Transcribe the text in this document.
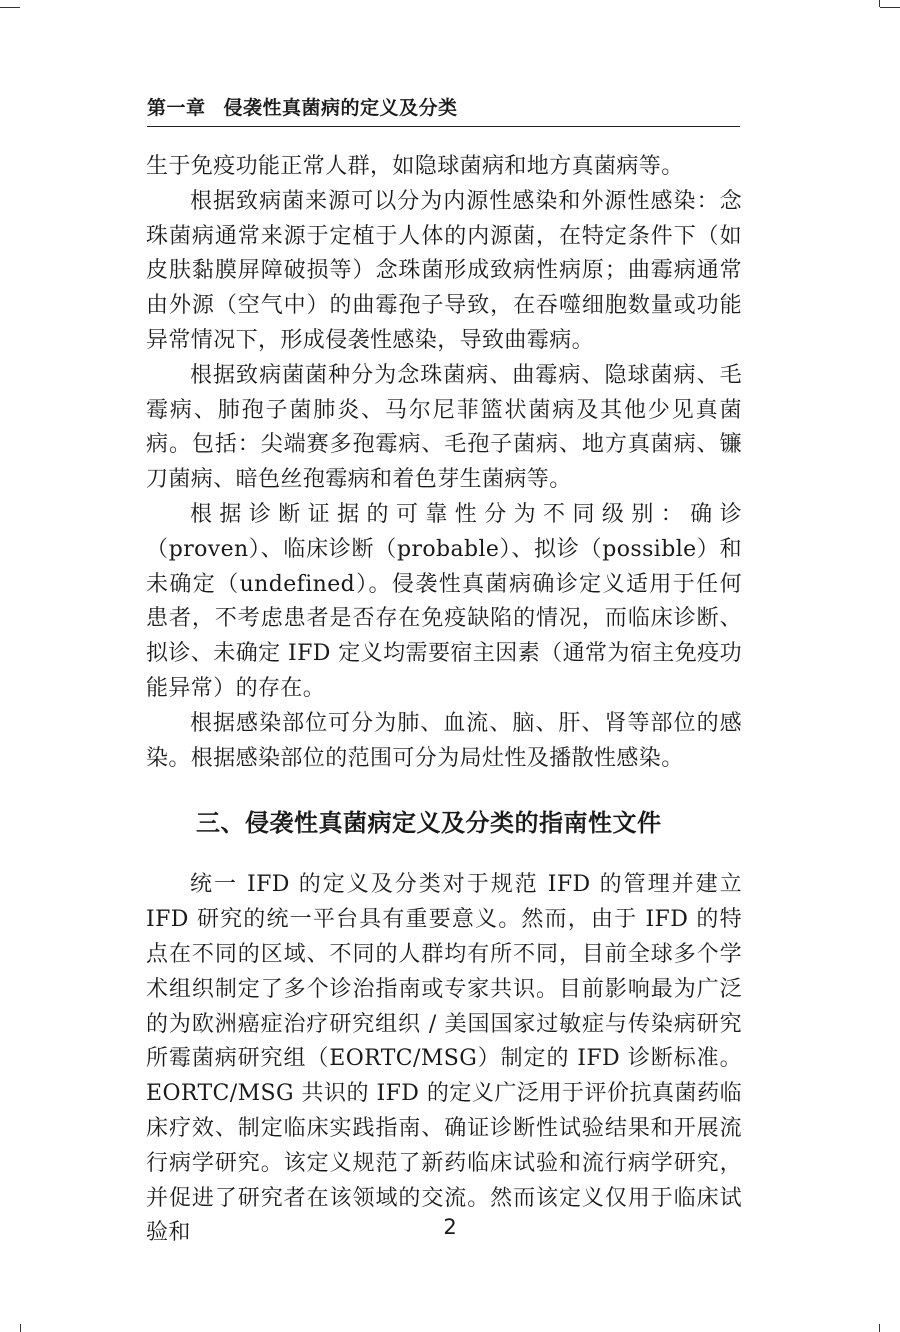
第一章 侵袭性真菌病的定义及分类

生于免疫功能正常人群，如隐球菌病和地方真菌病等。

根据致病菌来源可以分为内源性感染和外源性感染：念珠菌病通常来源于定植于人体的内源菌，在特定条件下（如皮肤黏膜屏障破损等）念珠菌形成致病性病原；曲霉病通常由外源（空气中）的曲霉孢子导致，在吞噬细胞数量或功能异常情况下，形成侵袭性感染，导致曲霉病。

根据致病菌菌种分为念珠菌病、曲霉病、隐球菌病、毛霉病、肺孢子菌肺炎、马尔尼菲篮状菌病及其他少见真菌病。包括：尖端赛多孢霉病、毛孢子菌病、地方真菌病、镰刀菌病、暗色丝孢霉病和着色芽生菌病等。

根据诊断证据的可靠性分为不同级别：确诊（proven）、临床诊断（probable）、拟诊（possible）和未确定（undefined）。侵袭性真菌病确诊定义适用于任何患者，不考虑患者是否存在免疫缺陷的情况，而临床诊断、拟诊、未确定 IFD 定义均需要宿主因素（通常为宿主免疫功能异常）的存在。

根据感染部位可分为肺、血流、脑、肝、肾等部位的感染。根据感染部位的范围可分为局灶性及播散性感染。

三、侵袭性真菌病定义及分类的指南性文件

统一 IFD 的定义及分类对于规范 IFD 的管理并建立 IFD 研究的统一平台具有重要意义。然而，由于 IFD 的特点在不同的区域、不同的人群均有所不同，目前全球多个学术组织制定了多个诊治指南或专家共识。目前影响最为广泛的为欧洲癌症治疗研究组织 / 美国国家过敏症与传染病研究所霉菌病研究组（EORTC/MSG）制定的 IFD 诊断标准。EORTC/MSG 共识的 IFD 的定义广泛用于评价抗真菌药临床疗效、制定临床实践指南、确证诊断性试验结果和开展流行病学研究。该定义规范了新药临床试验和流行病学研究，并促进了研究者在该领域的交流。然而该定义仅用于临床试验和	2
